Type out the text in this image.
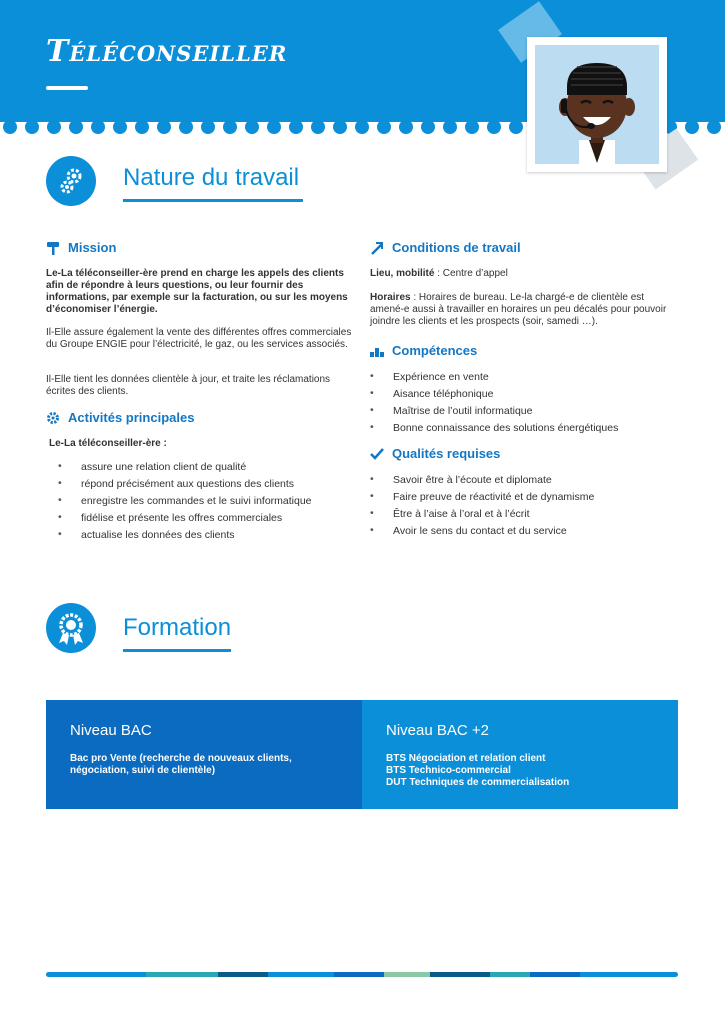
Téléconseiller
Nature du travail
Mission
Le-La téléconseiller-ère prend en charge les appels des clients afin de répondre à leurs questions, ou leur fournir des informations, par exemple sur la facturation, ou sur les moyens d’économiser l’énergie.
Il-Elle assure également la vente des différentes offres commerciales du Groupe ENGIE pour l’électricité, le gaz, ou les services associés.
Il-Elle tient les données clientèle à jour, et traite les réclamations écrites des clients.
Activités principales
Le-La téléconseiller-ère :
• assure une relation client de qualité
• répond précisément aux questions des clients
• enregistre les commandes et le suivi informatique
• fidélise et présente les offres commerciales
• actualise les données des clients
Conditions de travail
Lieu, mobilité : Centre d’appel
Horaires : Horaires de bureau. Le-la chargé-e de clientèle est amené-e aussi à travailler en horaires un peu décalés pour pouvoir joindre les clients et les prospects (soir, samedi …).
Compétences
• Expérience en vente
• Aisance téléphonique
• Maîtrise de l’outil informatique
• Bonne connaissance des solutions énergétiques
Qualités requises
• Savoir être à l’écoute et diplomate
• Faire preuve de réactivité et de dynamisme
• Être à l’aise à l’oral et à l’écrit
• Avoir le sens du contact et du service
Formation
Niveau BAC

Bac pro Vente (recherche de nouveaux clients, négociation, suivi de clientèle)

Niveau BAC +2

BTS Négociation et relation client

BTS Technico-commercial

DUT Techniques de commercialisation
